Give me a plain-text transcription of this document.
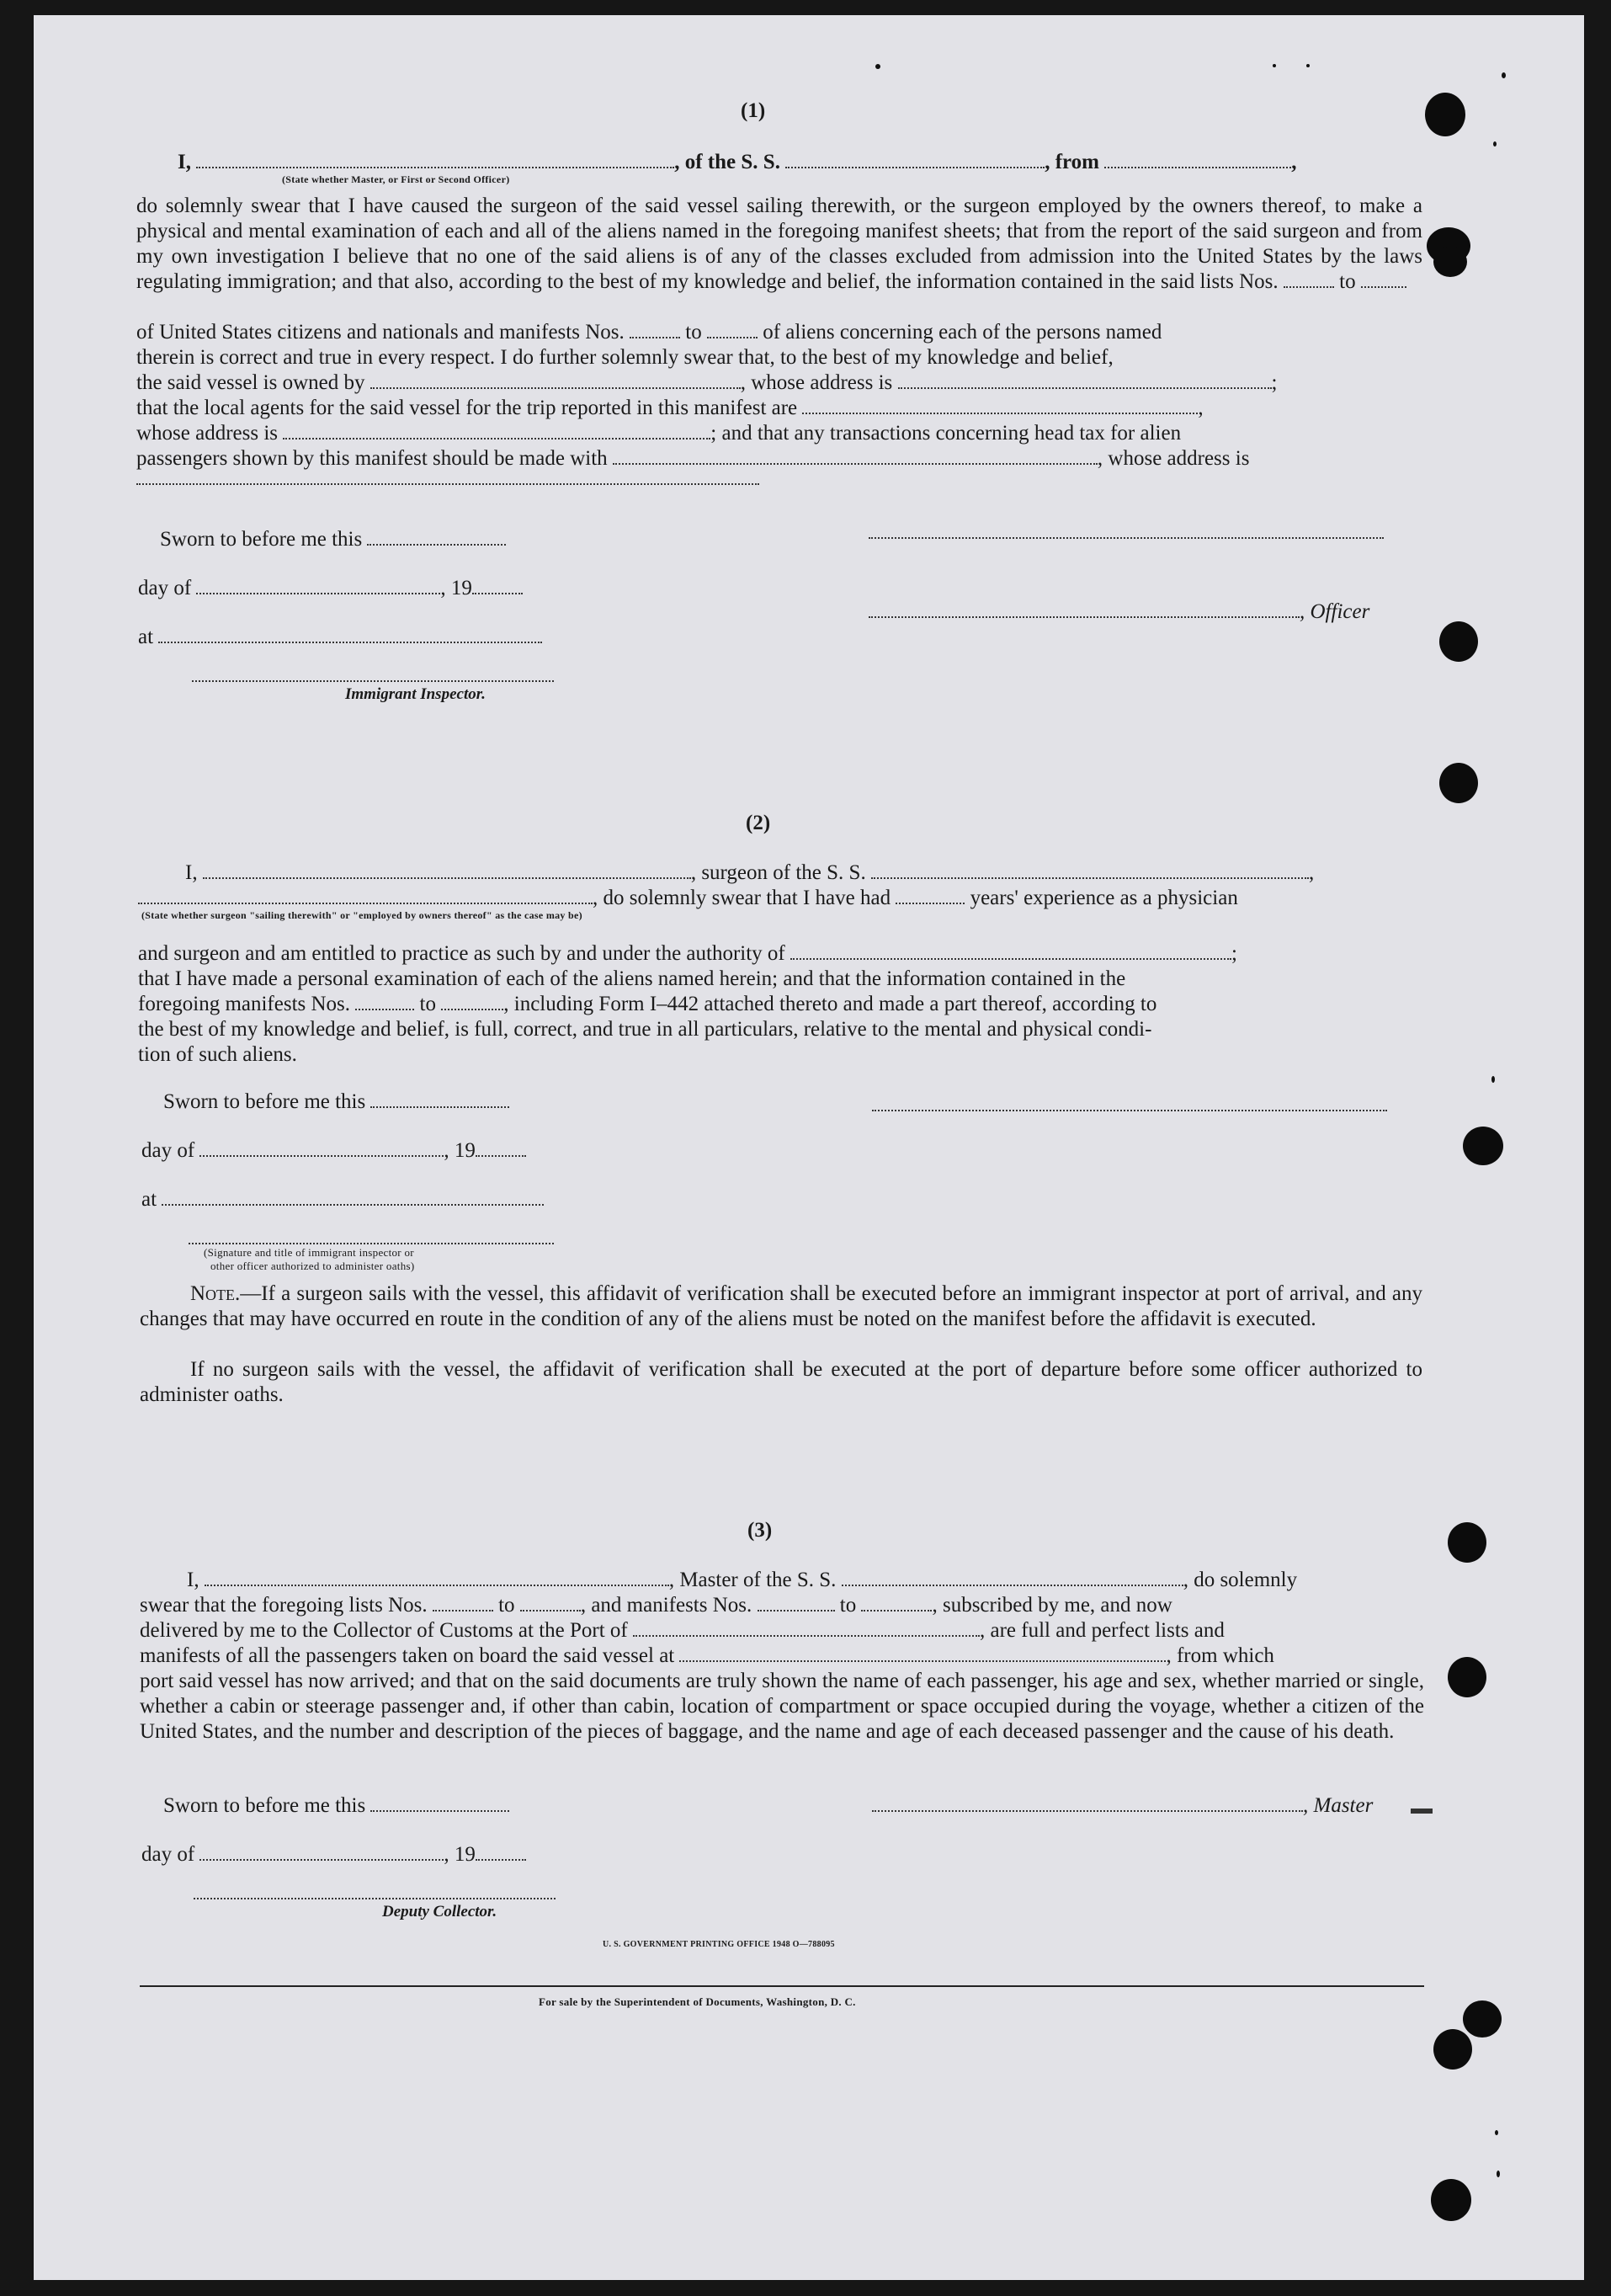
(1)
I,	, of the S. S.	, from	,
(State whether Master, or First or Second Officer)
do solemnly swear that I have caused the surgeon of the said vessel sailing therewith, or the surgeon employed by the owners thereof, to make a physical and mental examination of each and all of the aliens named in the foregoing manifest sheets; that from the report of the said surgeon and from my own investigation I believe that no one of the said aliens is of any of the classes excluded from admission into the United States by the laws regulating immigration; and that also, according to the best of my knowledge and belief, the information contained in the said lists Nos.	to
of United States citizens and nationals and manifests Nos.	to	of aliens concerning each of the persons named
therein is correct and true in every respect. I do further solemnly swear that, to the best of my knowledge and belief,
the said vessel is owned by	, whose address is	;
that the local agents for the said vessel for the trip reported in this manifest are	,
whose address is	; and that any transactions concerning head tax for alien
passengers shown by this manifest should be made with	, whose address is
Sworn to before me this
day of	, 19
, Officer
at
Immigrant Inspector.
(2)
I,	, surgeon of the S. S.	,
, do solemnly swear that I have had	years' experience as a physician
(State whether surgeon "sailing therewith" or "employed by owners thereof" as the case may be)
and surgeon and am entitled to practice as such by and under the authority of	;
that I have made a personal examination of each of the aliens named herein; and that the information contained in the
foregoing manifests Nos.	to	, including Form I–442 attached thereto and made a part thereof, according to
the best of my knowledge and belief, is full, correct, and true in all particulars, relative to the mental and physical condi-
tion of such aliens.
Sworn to before me this
day of	, 19
at
(Signature and title of immigrant inspector or
other officer authorized to administer oaths)
Note.—If a surgeon sails with the vessel, this affidavit of verification shall be executed before an immigrant inspector at port of arrival, and any changes that may have occurred en route in the condition of any of the aliens must be noted on the manifest before the affidavit is executed.
If no surgeon sails with the vessel, the affidavit of verification shall be executed at the port of departure before some officer authorized to administer oaths.
(3)
I,	, Master of the S. S.	, do solemnly
swear that the foregoing lists Nos.	to	, and manifests Nos.	to	, subscribed by me, and now
delivered by me to the Collector of Customs at the Port of	, are full and perfect lists and
manifests of all the passengers taken on board the said vessel at	, from which
port said vessel has now arrived; and that on the said documents are truly shown the name of each passenger, his age and sex, whether married or single, whether a cabin or steerage passenger and, if other than cabin, location of compartment or space occupied during the voyage, whether a citizen of the United States, and the number and description of the pieces of baggage, and the name and age of each deceased passenger and the cause of his death.
Sworn to before me this	, Master
day of	, 19
Deputy Collector.
U. S. GOVERNMENT PRINTING OFFICE 1948 O—788095
For sale by the Superintendent of Documents, Washington, D. C.
